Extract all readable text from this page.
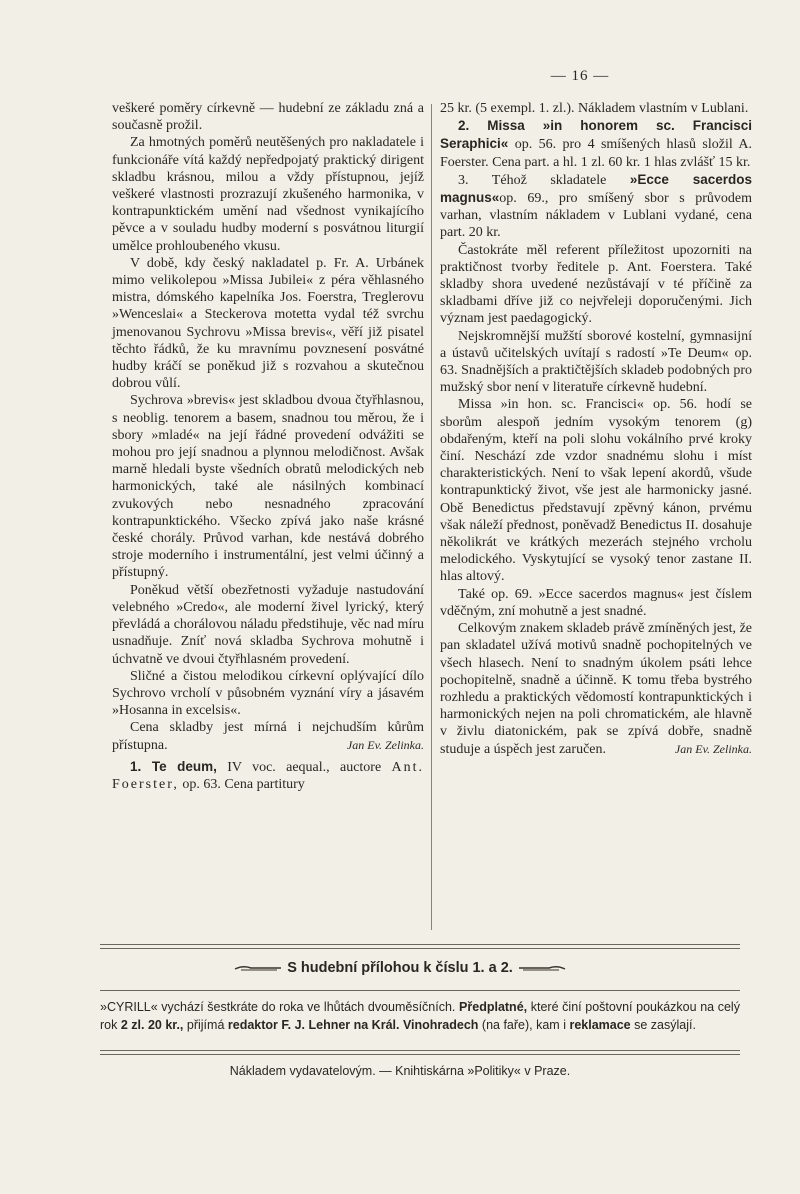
— 16 —

veškeré poměry církevně — hudební ze základu zná a současně prožil.

Za hmotných poměrů neutěšených pro nakladatele i funkcionáře vítá každý nepředpojatý praktický dirigent skladbu krásnou, milou a vždy přístupnou, jejíž veškeré vlastnosti prozrazují zkušeného harmonika, v kontrapunktickém umění nad všednost vynikajícího pěvce a v souladu hudby moderní s posvátnou liturgií umělce prohloubeného vkusu.

V době, kdy český nakladatel p. Fr. A. Urbánek mimo velikolepou »Missa Jubilei« z péra věhlasného mistra, dómského kapelníka Jos. Foerstra, Treglerovu »Wenceslai« a Steckerova motetta vydal též svrchu jmenovanou Sychrovu »Missa brevis«, věří již pisatel těchto řádků, že ku mravnímu povznesení posvátné hudby kráčí se poněkud již s rozvahou a skutečnou dobrou vůlí.

Sychrova »brevis« jest skladbou dvoua čtyřhlasnou, s neoblig. tenorem a basem, snadnou tou měrou, že i sbory »mladé« na její řádné provedení odvážiti se mohou pro její snadnou a plynnou melodičnost. Avšak marně hledali byste všedních obratů melodických neb harmonických, také ale násilných kombinací zvukových nebo nesnadného zpracování kontrapunktického. Všecko zpívá jako naše krásné české chorály. Průvod varhan, kde nestává dobrého stroje moderního i instrumentální, jest velmi účinný a přístupný.

Poněkud větší obezřetnosti vyžaduje nastudování velebného »Credo«, ale moderní živel lyrický, který převládá a chorálovou náladu předstihuje, věc nad míru usnadňuje. Zníť nová skladba Sychrova mohutně i úchvatně ve dvoui čtyřhlasném provedení.

Sličné a čistou melodikou církevní oplývající dílo Sychrovo vrcholí v působném vyznání víry a jásavém »Hosanna in excelsis«.

Cena skladby jest mírná i nejchudším kůrům přístupna.	Jan Ev. Zelinka.

1. Te deum, IV voc. aequal., auctore Ant. Foerster, op. 63. Cena partitury

25 kr. (5 exempl. 1. zl.). Nákladem vlastním v Lublani.

2. Missa »in honorem sc. Francisci Seraphici« op. 56. pro 4 smíšených hlasů složil A. Foerster. Cena part. a hl. 1 zl. 60 kr. 1 hlas zvlášť 15 kr.

3. Téhož skladatele »Ecce sacerdos magnus«op. 69., pro smíšený sbor s průvodem varhan, vlastním nákladem v Lublani vydané, cena part. 20 kr.

Častokráte měl referent příležitost upozorniti na praktičnost tvorby ředitele p. Ant. Foerstera. Také skladby shora uvedené nezůstávají v té příčině za skladbami dříve již co nejvřeleji doporučenými. Jich význam jest paedagogický.

Nejskromnější mužští sborové kostelní, gymnasijní a ústavů učitelských uvítají s radostí »Te Deum« op. 63. Snadnějších a praktičtějších skladeb podobných pro mužský sbor není v literatuře církevně hudební.

Missa »in hon. sc. Francisci« op. 56. hodí se sborům alespoň jedním vysokým tenorem (g) obdařeným, kteří na poli slohu vokálního prvé kroky činí. Neschází zde vzdor snadnému slohu i míst charakteristických. Není to však lepení akordů, všude kontrapunktický život, vše jest ale harmonicky jasné. Obě Benedictus představují zpěvný kánon, prvému však náleží přednost, poněvadž Benedictus II. dosahuje několikrát ve krátkých mezerách stejného vrcholu melodického. Vyskytující se vysoký tenor zastane II. hlas altový.

Také op. 69. »Ecce sacerdos magnus« jest číslem vděčným, zní mohutně a jest snadné.

Celkovým znakem skladeb právě zmíněných jest, že pan skladatel užívá motivů snadně pochopitelných ve všech hlasech. Není to snadným úkolem psáti lehce pochopitelně, snadně a účinně. K tomu třeba bystrého rozhledu a praktických vědomostí kontrapunktických i harmonických nejen na poli chromatickém, ale hlavně v živlu diatonickém, pak se zpívá dobře, snadně studuje a úspěch jest zaručen.	Jan Ev. Zelinka.

S hudební přílohou k číslu 1. a 2.
»CYRILL« vychází šestkráte do roka ve lhůtách dvouměsíčních. Předplatné, které činí poštovní poukázkou na celý rok 2 zl. 20 kr., přijímá redaktor F. J. Lehner na Král. Vinohradech (na faře), kam i reklamace se zasýlají.
Nákladem vydavatelovým. — Knihtiskárna »Politiky« v Praze.
